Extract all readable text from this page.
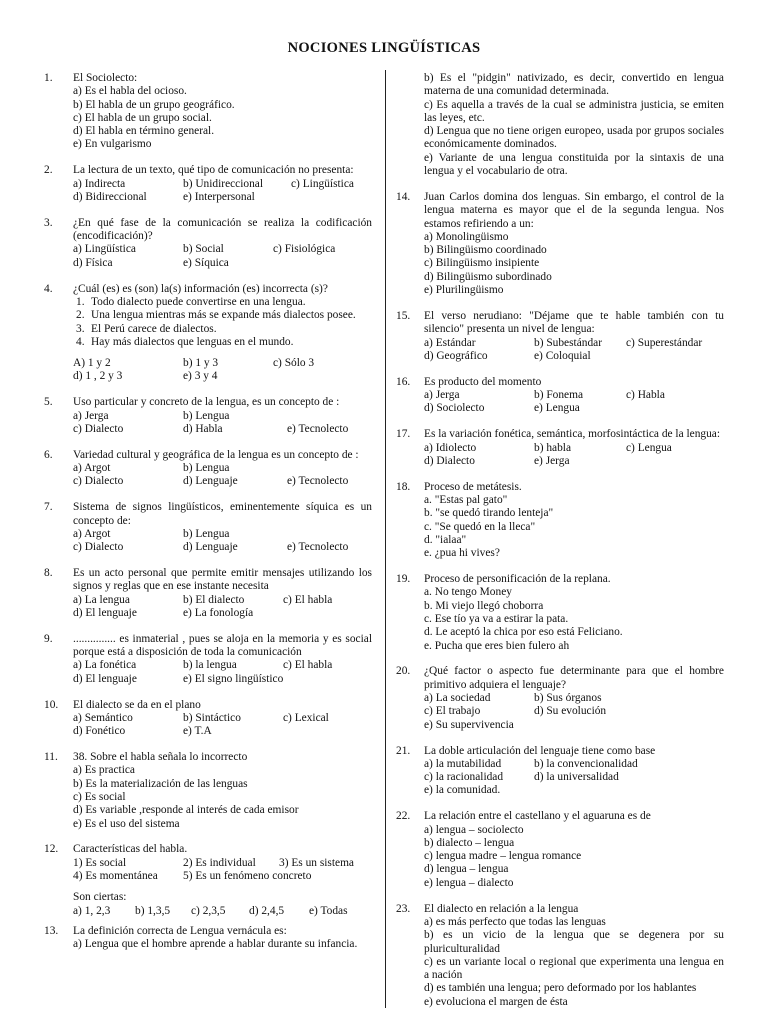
NOCIONES LINGÜÍSTICAS
1. El Sociolecto:
a) Es el habla del ocioso.
b) El habla de un grupo geográfico.
c) El habla de un grupo social.
d) El habla en término general.
e) En vulgarismo
2. La lectura de un texto, qué tipo de comunicación no presenta:
a) Indirecta	b) Unidireccional	c) Lingüística
d) Bidireccional	e) Interpersonal
3. ¿En qué fase de la comunicación se realiza la codificación (encodificación)?
a) Lingüística	b) Social	c) Fisiológica
d) Física	e) Síquica
4. ¿Cuál (es) es (son) la(s) información (es) incorrecta (s)?
1. Todo dialecto puede convertirse en una lengua.
2. Una lengua mientras más se expande más dialectos posee.
3. El Perú carece de dialectos.
4. Hay más dialectos que lenguas en el mundo.
A) 1 y 2	b) 1 y 3	c) Sólo 3
d) 1 , 2 y 3	e) 3 y 4
5. Uso particular y concreto de la lengua, es un concepto de :
a) Jerga	b) Lengua
c) Dialecto	d) Habla	e) Tecnolecto
6. Variedad cultural y geográfica de la lengua es un concepto de :
a) Argot	b) Lengua
c) Dialecto	d) Lenguaje	e) Tecnolecto
7. Sistema de signos lingüísticos, eminentemente síquica es un concepto de:
a) Argot	b) Lengua
c) Dialecto	d) Lenguaje	e) Tecnolecto
8. Es un acto personal que permite emitir mensajes utilizando los signos y reglas que en ese instante necesita
a) La lengua	b) El dialecto	c) El habla
d) El lenguaje	e) La fonología
9. ............... es inmaterial , pues se aloja en la memoria y es social porque está a disposición de toda la comunicación
a) La fonética	b) la lengua	c) El habla
d) El lenguaje	e) El signo lingüístico
10. El dialecto se da en el plano
a) Semántico	b) Sintáctico	c) Lexical
d) Fonético	e) T.A
11. 38. Sobre el habla señala lo incorrecto
a) Es practica
b) Es la materialización de las lenguas
c) Es social
d) Es variable ,responde al interés de cada emisor
e) Es el uso del sistema
12. Características del habla.
1) Es social	2) Es individual	3) Es un sistema
4) Es momentánea	5) Es un fenómeno concreto
Son ciertas:
a) 1, 2,3	b) 1,3,5	c) 2,3,5	d) 2,4,5	e) Todas
13. La definición correcta de Lengua vernácula es:
a) Lengua que el hombre aprende a hablar durante su infancia.
b) Es el "pidgin" nativizado, es decir, convertido en lengua materna de una comunidad determinada.
c) Es aquella a través de la cual se administra justicia, se emiten las leyes, etc.
d) Lengua que no tiene origen europeo, usada por grupos sociales económicamente dominados.
e) Variante de una lengua constituida por la sintaxis de una lengua y el vocabulario de otra.
14. Juan Carlos domina dos lenguas. Sin embargo, el control de la lengua materna es mayor que el de la segunda lengua. Nos estamos refiriendo a un:
a) Monolingüismo
b) Bilingüismo coordinado
c) Bilingüismo insipiente
d) Bilingüismo subordinado
e) Plurilingüismo
15. El verso nerudiano: "Déjame que te hable también con tu silencio" presenta un nivel de lengua:
a) Estándar	b) Subestándar	c) Superestándar
d) Geográfico	e) Coloquial
16. Es producto del momento
a) Jerga	b) Fonema	c) Habla
d) Sociolecto	e) Lengua
17. Es la variación fonética, semántica, morfosintáctica de la lengua:
a) Idiolecto	b) habla	c) Lengua
d) Dialecto	e) Jerga
18. Proceso de metátesis.
a. "Estas pal gato"
b. "se quedó tirando lenteja"
c. "Se quedó en la lleca"
d. "ialaa"
e. ¿pua hi vives?
19. Proceso de personificación de la replana.
a. No tengo Money
b. Mi viejo llegó choborra
c. Ese tío ya va a estirar la pata.
d. Le aceptó la chica por eso está Feliciano.
e. Pucha que eres bien fulero ah
20. ¿Qué factor o aspecto fue determinante para que el hombre primitivo adquiera el lenguaje?
a) La sociedad	b) Sus órganos
c) El trabajo	d) Su evolución
e) Su supervivencia
21. La doble articulación del lenguaje tiene como base
a) la mutabilidad	b) la convencionalidad
c) la racionalidad	d) la universalidad
e) la comunidad.
22. La relación entre el castellano y el aguaruna es de
a) lengua – sociolecto
b) dialecto – lengua
c) lengua madre – lengua romance
d) lengua – lengua
e) lengua – dialecto
23. El dialecto en relación a la lengua
a) es más perfecto que todas las lenguas
b) es un vicio de la lengua que se degenera por su pluriculturalidad
c) es un variante local o regional que experimenta una lengua en a nación
d) es también una lengua; pero deformado por los hablantes
e) evoluciona el margen de ésta
